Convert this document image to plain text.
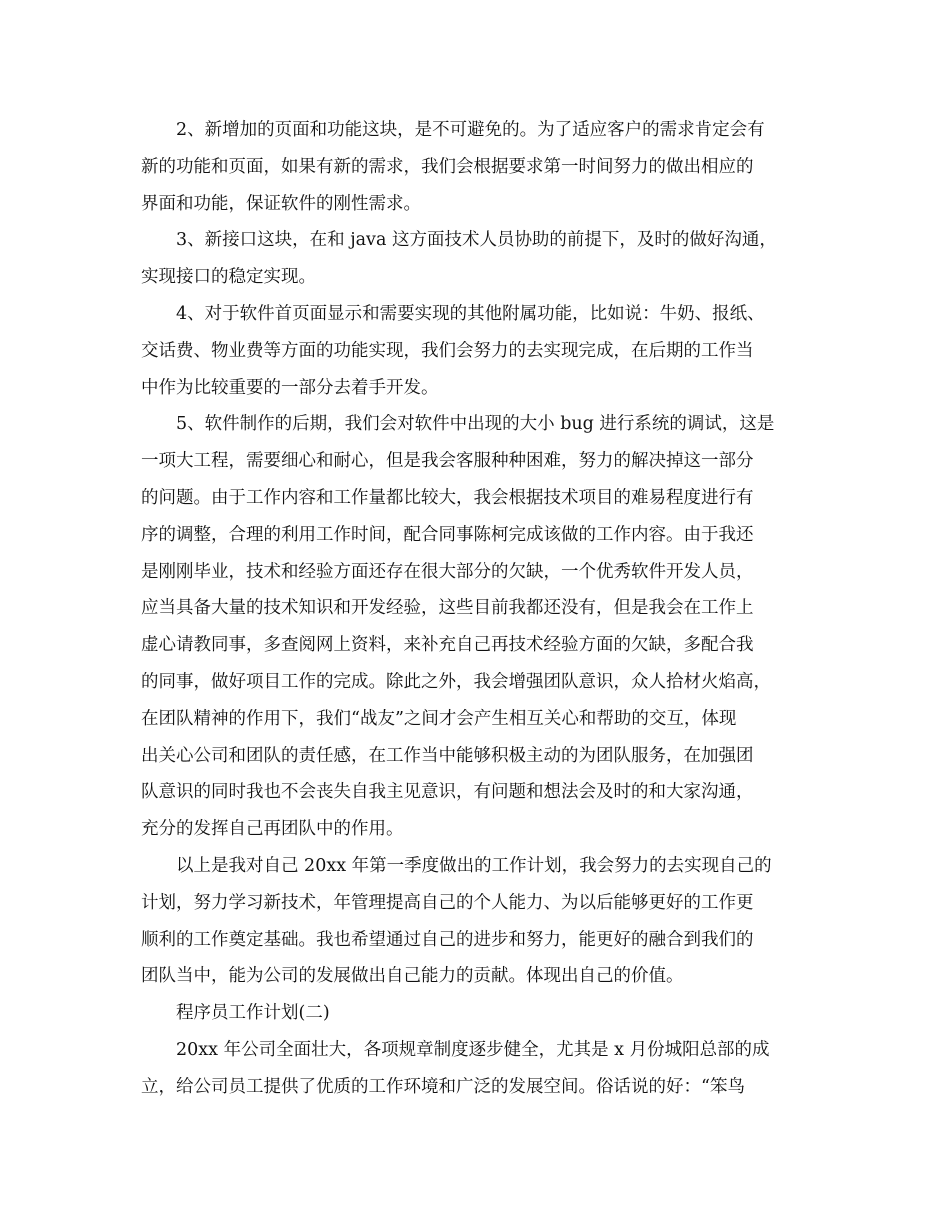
2、新增加的页面和功能这块，是不可避免的。为了适应客户的需求肯定会有
新的功能和页面，如果有新的需求，我们会根据要求第一时间努力的做出相应的
界面和功能，保证软件的刚性需求。
3、新接口这块，在和 java 这方面技术人员协助的前提下，及时的做好沟通，
实现接口的稳定实现。
4、对于软件首页面显示和需要实现的其他附属功能，比如说：牛奶、报纸、
交话费、物业费等方面的功能实现，我们会努力的去实现完成，在后期的工作当
中作为比较重要的一部分去着手开发。
5、软件制作的后期，我们会对软件中出现的大小 bug 进行系统的调试，这是
一项大工程，需要细心和耐心，但是我会客服种种困难，努力的解决掉这一部分
的问题。由于工作内容和工作量都比较大，我会根据技术项目的难易程度进行有
序的调整，合理的利用工作时间，配合同事陈柯完成该做的工作内容。由于我还
是刚刚毕业，技术和经验方面还存在很大部分的欠缺，一个优秀软件开发人员，
应当具备大量的技术知识和开发经验，这些目前我都还没有，但是我会在工作上
虚心请教同事，多查阅网上资料，来补充自己再技术经验方面的欠缺，多配合我
的同事，做好项目工作的完成。除此之外，我会增强团队意识，众人拾材火焰高，
在团队精神的作用下，我们“战友”之间才会产生相互关心和帮助的交互，体现
出关心公司和团队的责任感，在工作当中能够积极主动的为团队服务，在加强团
队意识的同时我也不会丧失自我主见意识，有问题和想法会及时的和大家沟通，
充分的发挥自己再团队中的作用。
以上是我对自己 20xx 年第一季度做出的工作计划，我会努力的去实现自己的
计划，努力学习新技术，年管理提高自己的个人能力、为以后能够更好的工作更
顺利的工作奠定基础。我也希望通过自己的进步和努力，能更好的融合到我们的
团队当中，能为公司的发展做出自己能力的贡献。体现出自己的价值。
程序员工作计划(二)
20xx 年公司全面壮大，各项规章制度逐步健全，尤其是 x 月份城阳总部的成
立，给公司员工提供了优质的工作环境和广泛的发展空间。俗话说的好：“笨鸟
